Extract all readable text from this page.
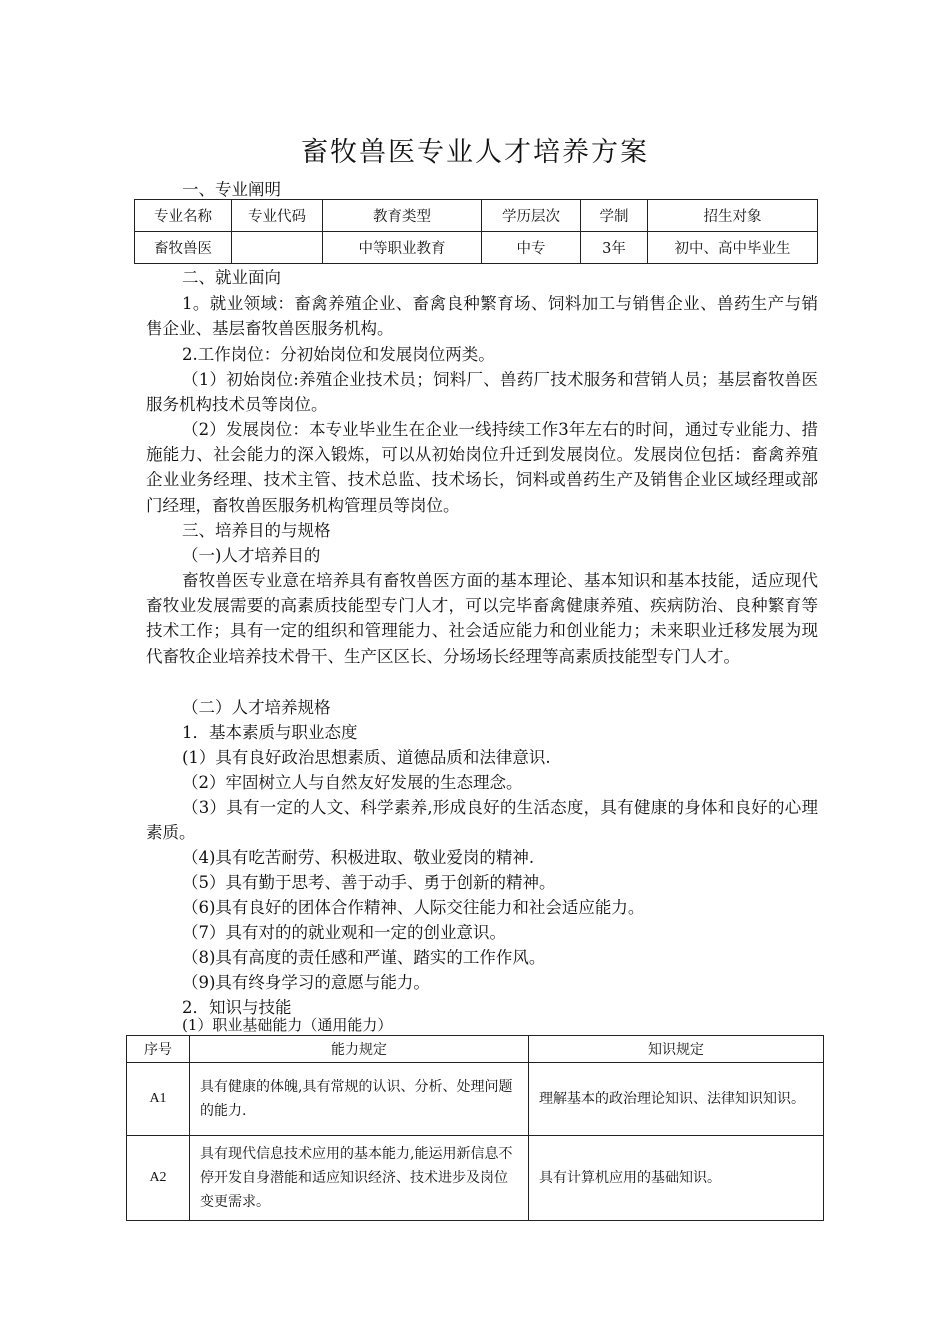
畜牧兽医专业人才培养方案
一、专业阐明
专业名称	专业代码	教育类型	学历层次	学制	招生对象
畜牧兽医		中等职业教育	中专	3年	初中、高中毕业生
二、就业面向
1。就业领域：畜禽养殖企业、畜禽良种繁育场、饲料加工与销售企业、兽药生产与销售企业、基层畜牧兽医服务机构。
2.工作岗位：分初始岗位和发展岗位两类。
（1）初始岗位:养殖企业技术员；饲料厂、兽药厂技术服务和营销人员；基层畜牧兽医服务机构技术员等岗位。
（2）发展岗位：本专业毕业生在企业一线持续工作3年左右的时间，通过专业能力、措施能力、社会能力的深入锻炼，可以从初始岗位升迁到发展岗位。发展岗位包括：畜禽养殖企业业务经理、技术主管、技术总监、技术场长，饲料或兽药生产及销售企业区域经理或部门经理，畜牧兽医服务机构管理员等岗位。
三、培养目的与规格
（一)人才培养目的
畜牧兽医专业意在培养具有畜牧兽医方面的基本理论、基本知识和基本技能，适应现代畜牧业发展需要的高素质技能型专门人才，可以完毕畜禽健康养殖、疾病防治、良种繁育等技术工作；具有一定的组织和管理能力、社会适应能力和创业能力；未来职业迁移发展为现代畜牧企业培养技术骨干、生产区区长、分场场长经理等高素质技能型专门人才。
（二）人才培养规格
1．基本素质与职业态度
(1）具有良好政治思想素质、道德品质和法律意识.
（2）牢固树立人与自然友好发展的生态理念。
（3）具有一定的人文、科学素养,形成良好的生活态度，具有健康的身体和良好的心理素质。
（4)具有吃苦耐劳、积极进取、敬业爱岗的精神.
（5）具有勤于思考、善于动手、勇于创新的精神。
（6)具有良好的团体合作精神、人际交往能力和社会适应能力。
（7）具有对的的就业观和一定的创业意识。
（8)具有高度的责任感和严谨、踏实的工作作风。
（9)具有终身学习的意愿与能力。
2．知识与技能
(1）职业基础能力（通用能力）
序号	能力规定	知识规定
A1	具有健康的体魄,具有常规的认识、分析、处理问题的能力.	理解基本的政治理论知识、法律知识知识。
A2	具有现代信息技术应用的基本能力,能运用新信息不停开发自身潜能和适应知识经济、技术进步及岗位变更需求。	具有计算机应用的基础知识。
